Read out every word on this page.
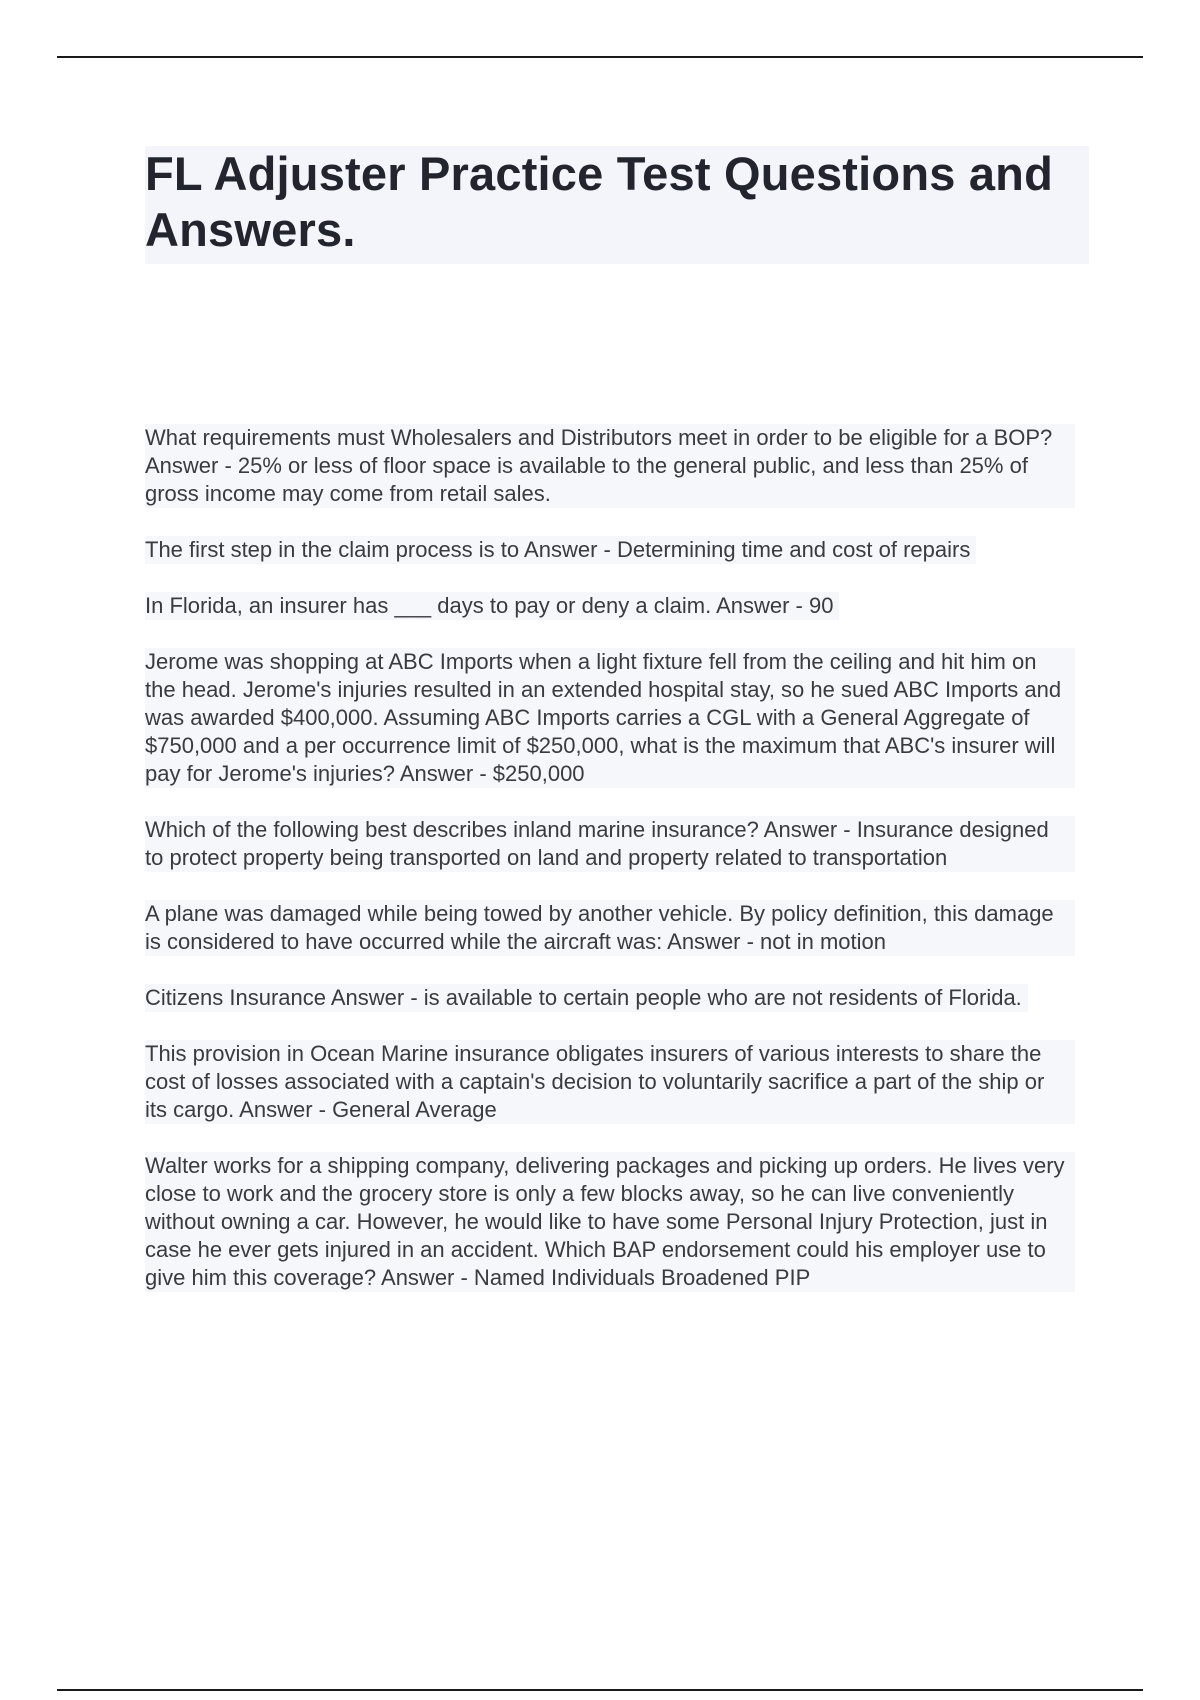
FL Adjuster Practice Test Questions and Answers.

What requirements must Wholesalers and Distributors meet in order to be eligible for a BOP? Answer - 25% or less of floor space is available to the general public, and less than 25% of gross income may come from retail sales.

The first step in the claim process is to Answer - Determining time and cost of repairs

In Florida, an insurer has ___ days to pay or deny a claim. Answer - 90

Jerome was shopping at ABC Imports when a light fixture fell from the ceiling and hit him on the head. Jerome's injuries resulted in an extended hospital stay, so he sued ABC Imports and was awarded $400,000. Assuming ABC Imports carries a CGL with a General Aggregate of $750,000 and a per occurrence limit of $250,000, what is the maximum that ABC's insurer will pay for Jerome's injuries? Answer - $250,000

Which of the following best describes inland marine insurance? Answer - Insurance designed to protect property being transported on land and property related to transportation

A plane was damaged while being towed by another vehicle. By policy definition, this damage is considered to have occurred while the aircraft was: Answer - not in motion

Citizens Insurance Answer - is available to certain people who are not residents of Florida.

This provision in Ocean Marine insurance obligates insurers of various interests to share the cost of losses associated with a captain's decision to voluntarily sacrifice a part of the ship or its cargo. Answer - General Average

Walter works for a shipping company, delivering packages and picking up orders. He lives very close to work and the grocery store is only a few blocks away, so he can live conveniently without owning a car. However, he would like to have some Personal Injury Protection, just in case he ever gets injured in an accident. Which BAP endorsement could his employer use to give him this coverage? Answer - Named Individuals Broadened PIP
